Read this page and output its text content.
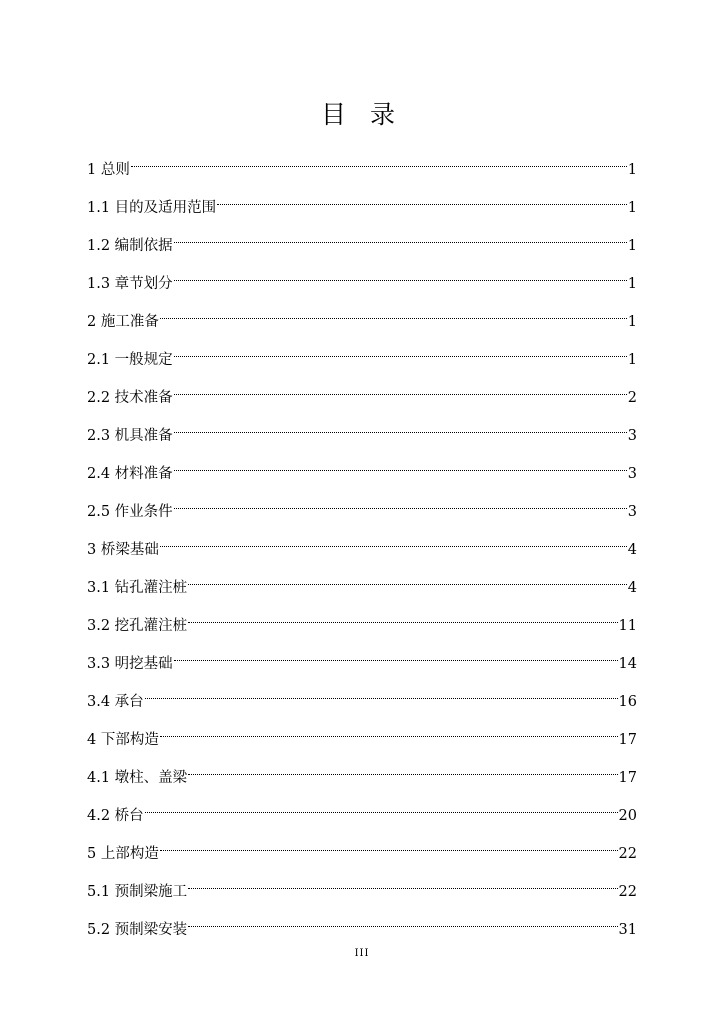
目 录
1 总则	1
1.1 目的及适用范围	1
1.2 编制依据	1
1.3 章节划分	1
2 施工准备	1
2.1 一般规定	1
2.2 技术准备	2
2.3 机具准备	3
2.4 材料准备	3
2.5 作业条件	3
3 桥梁基础	4
3.1 钻孔灌注桩	4
3.2 挖孔灌注桩	11
3.3 明挖基础	14
3.4 承台	16
4 下部构造	17
4.1 墩柱、盖梁	17
4.2 桥台	20
5 上部构造	22
5.1 预制梁施工	22
5.2 预制梁安装	31
III
